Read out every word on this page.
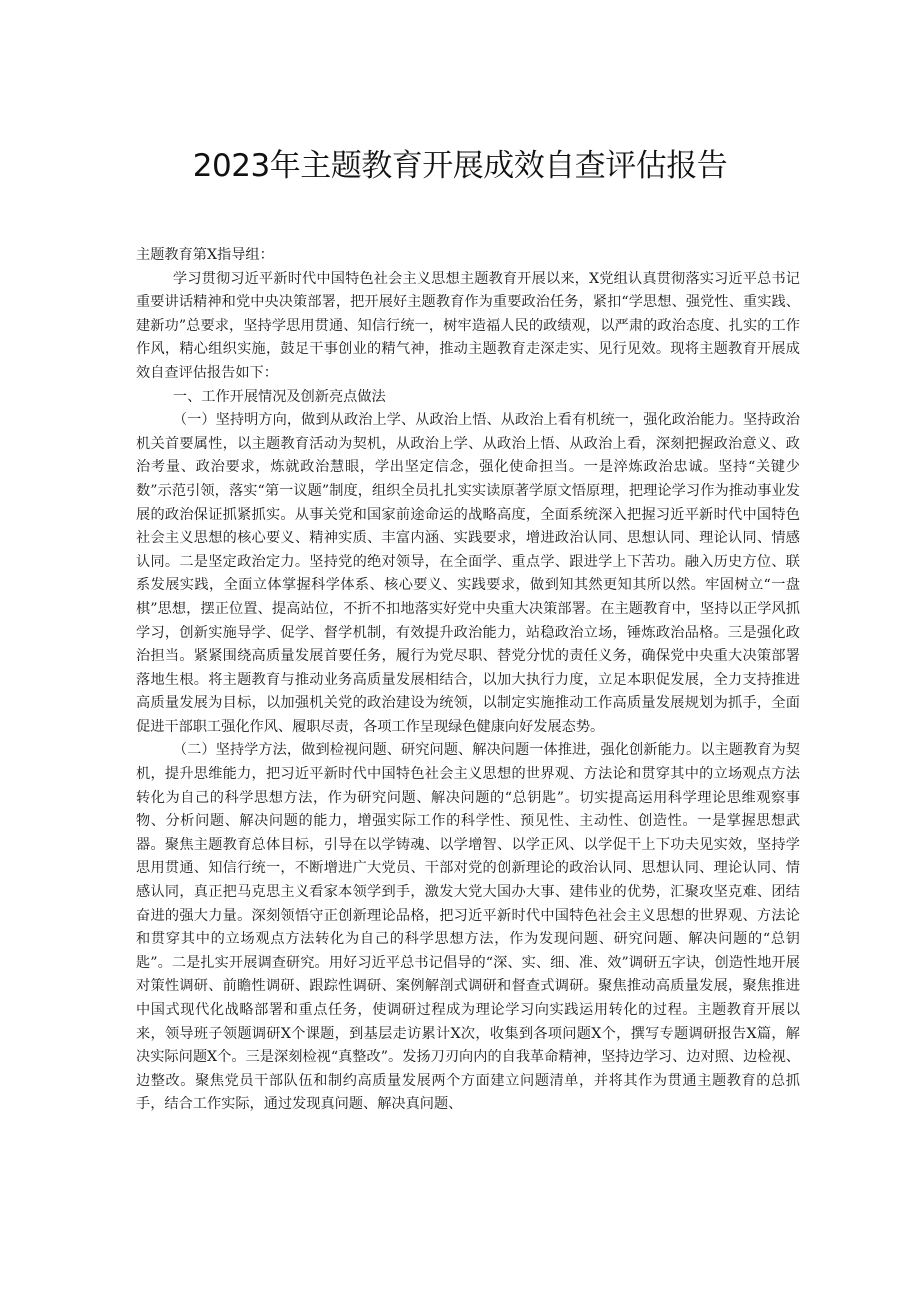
2023年主题教育开展成效自查评估报告

主题教育第X指导组：

学习贯彻习近平新时代中国特色社会主义思想主题教育开展以来，X党组认真贯彻落实习近平总书记重要讲话精神和党中央决策部署，把开展好主题教育作为重要政治任务，紧扣“学思想、强党性、重实践、建新功”总要求，坚持学思用贯通、知信行统一，树牢造福人民的政绩观，以严肃的政治态度、扎实的工作作风，精心组织实施，鼓足干事创业的精气神，推动主题教育走深走实、见行见效。现将主题教育开展成效自查评估报告如下：

一、工作开展情况及创新亮点做法

（一）坚持明方向，做到从政治上学、从政治上悟、从政治上看有机统一，强化政治能力。坚持政治机关首要属性，以主题教育活动为契机，从政治上学、从政治上悟、从政治上看，深刻把握政治意义、政治考量、政治要求，炼就政治慧眼，学出坚定信念，强化使命担当。一是淬炼政治忠诚。坚持“关键少数”示范引领，落实“第一议题”制度，组织全员扎扎实实读原著学原文悟原理，把理论学习作为推动事业发展的政治保证抓紧抓实。从事关党和国家前途命运的战略高度，全面系统深入把握习近平新时代中国特色社会主义思想的核心要义、精神实质、丰富内涵、实践要求，增进政治认同、思想认同、理论认同、情感认同。二是坚定政治定力。坚持党的绝对领导，在全面学、重点学、跟进学上下苦功。融入历史方位、联系发展实践，全面立体掌握科学体系、核心要义、实践要求，做到知其然更知其所以然。牢固树立“一盘棋”思想，摆正位置、提高站位，不折不扣地落实好党中央重大决策部署。在主题教育中，坚持以正学风抓学习，创新实施导学、促学、督学机制，有效提升政治能力，站稳政治立场，锤炼政治品格。三是强化政治担当。紧紧围绕高质量发展首要任务，履行为党尽职、替党分忧的责任义务，确保党中央重大决策部署落地生根。将主题教育与推动业务高质量发展相结合，以加大执行力度，立足本职促发展，全力支持推进高质量发展为目标，以加强机关党的政治建设为统领，以制定实施推动工作高质量发展规划为抓手，全面促进干部职工强化作风、履职尽责，各项工作呈现绿色健康向好发展态势。

（二）坚持学方法，做到检视问题、研究问题、解决问题一体推进，强化创新能力。以主题教育为契机，提升思维能力，把习近平新时代中国特色社会主义思想的世界观、方法论和贯穿其中的立场观点方法转化为自己的科学思想方法，作为研究问题、解决问题的“总钥匙”。切实提高运用科学理论思维观察事物、分析问题、解决问题的能力，增强实际工作的科学性、预见性、主动性、创造性。一是掌握思想武器。聚焦主题教育总体目标，引导在以学铸魂、以学增智、以学正风、以学促干上下功夫见实效，坚持学思用贯通、知信行统一，不断增进广大党员、干部对党的创新理论的政治认同、思想认同、理论认同、情感认同，真正把马克思主义看家本领学到手，激发大党大国办大事、建伟业的优势，汇聚攻坚克难、团结奋进的强大力量。深刻领悟守正创新理论品格，把习近平新时代中国特色社会主义思想的世界观、方法论和贯穿其中的立场观点方法转化为自己的科学思想方法，作为发现问题、研究问题、解决问题的“总钥匙”。二是扎实开展调查研究。用好习近平总书记倡导的“深、实、细、准、效”调研五字诀，创造性地开展对策性调研、前瞻性调研、跟踪性调研、案例解剖式调研和督查式调研。聚焦推动高质量发展，聚焦推进中国式现代化战略部署和重点任务，使调研过程成为理论学习向实践运用转化的过程。主题教育开展以来，领导班子领题调研X个课题，到基层走访累计X次，收集到各项问题X个，撰写专题调研报告X篇，解决实际问题X个。三是深刻检视“真整改”。发扬刀刃向内的自我革命精神，坚持边学习、边对照、边检视、边整改。聚焦党员干部队伍和制约高质量发展两个方面建立问题清单，并将其作为贯通主题教育的总抓手，结合工作实际，通过发现真问题、解决真问题、
